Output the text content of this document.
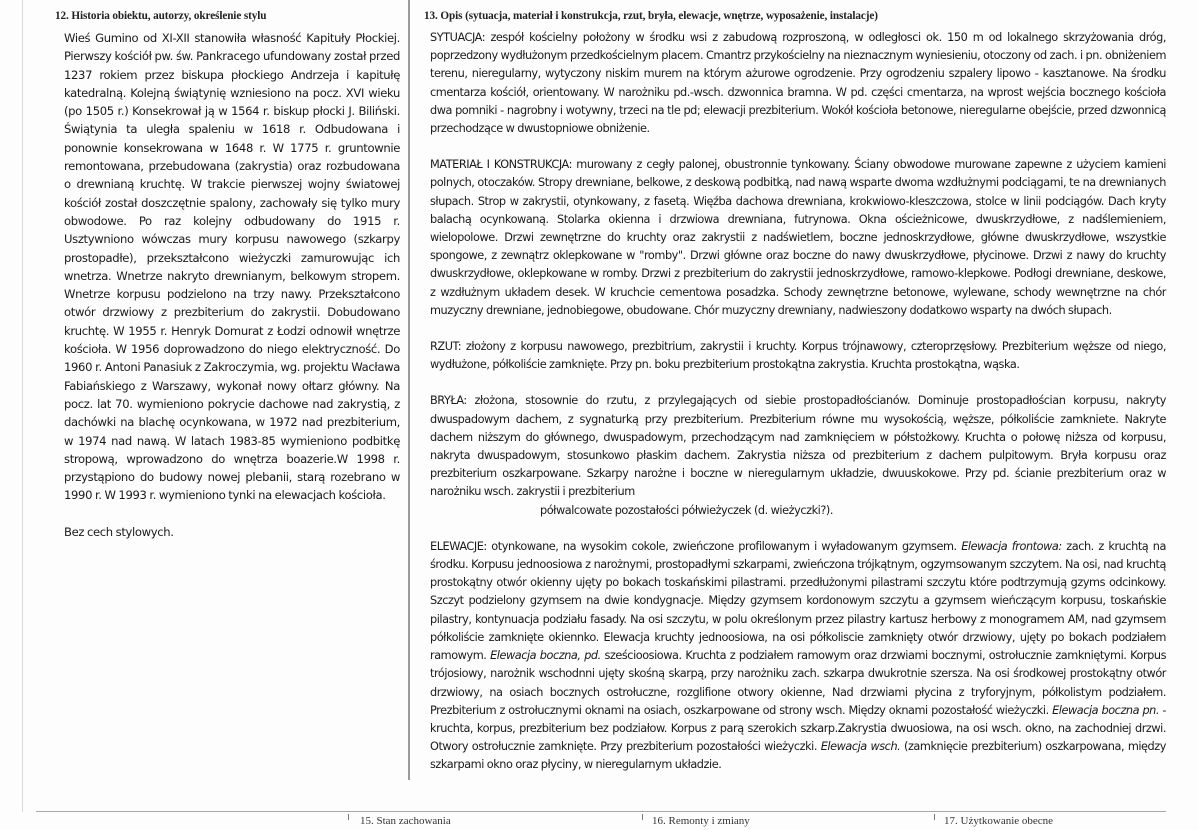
12. Historia obiektu, autorzy, określenie stylu

Wieś Gumino od XI-XII stanowiła własność Kapituły Płockiej. Pierwszy kościół pw. św. Pankracego ufundowany został przed 1237 rokiem przez biskupa płockiego Andrzeja i kapitułę katedralną. Kolejną świątynię wzniesiono na pocz. XVI wieku (po 1505 r.) Konsekrował ją w 1564 r. biskup płocki J. Biliński. Świątynia ta uległa spaleniu w 1618 r. Odbudowana i ponownie konsekrowana w 1648 r. W 1775 r. gruntownie remontowana, przebudowana (zakrystia) oraz rozbudowana o drewnianą kruchtę. W trakcie pierwszej wojny światowej kościół został doszczętnie spalony, zachowały się tylko mury obwodowe. Po raz kolejny odbudowany do 1915 r. Usztywniono wówczas mury korpusu nawowego (szkarpy prostopadłe), przekształcono wieżyczki zamurowując ich wnetrza. Wnetrze nakryto drewnianym, belkowym stropem. Wnetrze korpusu podzielono na trzy nawy. Przekształcono otwór drzwiowy z prezbiterium do zakrystii. Dobudowano kruchtę. W 1955 r. Henryk Domurat z Łodzi odnowił wnętrze kościoła. W 1956 doprowadzono do niego elektryczność. Do 1960 r. Antoni Panasiuk z Zakroczymia, wg. projektu Wacława Fabiańskiego z Warszawy, wykonał nowy ołtarz główny. Na pocz. lat 70. wymieniono pokrycie dachowe nad zakrystią, z dachówki na blachę ocynkowana, w 1972 nad prezbiterium, w 1974 nad nawą. W latach 1983-85 wymieniono podbitkę stropową, wprowadzono do wnętrza boazerie.W 1998 r. przystąpiono do budowy nowej plebanii, starą rozebrano w 1990 r. W 1993 r. wymieniono tynki na elewacjach kościoła.

Bez cech stylowych.

13. Opis (sytuacja, materiał i konstrukcja, rzut, bryła, elewacje, wnętrze, wyposażenie, instalacje)

SYTUACJA: zespół kościelny położony w środku wsi z zabudową rozproszoną, w odległosci ok. 150 m od lokalnego skrzyżowania dróg, poprzedzony wydłużonym przedkościelnym placem. Cmantrz przykościelny na nieznacznym wyniesieniu, otoczony od zach. i pn. obniżeniem terenu, nieregularny, wytyczony niskim murem na którym ażurowe ogrodzenie. Przy ogrodzeniu szpalery lipowo - kasztanowe. Na środku cmentarza kościół, orientowany. W narożniku pd.-wsch. dzwonnica bramna. W pd. części cmentarza, na wprost wejścia bocznego kościoła dwa pomniki - nagrobny i wotywny, trzeci na tle pd; elewacji prezbiterium. Wokół kościoła betonowe, nieregularne obejście, przed dzwonnicą przechodzące w dwustopniowe obniżenie.

MATERIAŁ I KONSTRUKCJA: murowany z cegły palonej, obustronnie tynkowany. Ściany obwodowe murowane zapewne z użyciem kamieni polnych, otoczaków. Stropy drewniane, belkowe, z deskową podbitką, nad nawą wsparte dwoma wzdłużnymi podciągami, te na drewnianych słupach. Strop w zakrystii, otynkowany, z fasetą. Więźba dachowa drewniana, krokwiowo-kleszczowa, stolce w linii podciągów. Dach kryty balachą ocynkowaną. Stolarka okienna i drzwiowa drewniana, futrynowa. Okna ościeżnicowe, dwuskrzydłowe, z nadślemieniem, wielopolowe. Drzwi zewnętrzne do kruchty oraz zakrystii z nadświetlem, boczne jednoskrzydłowe, główne dwuskrzydłowe, wszystkie spongowe, z zewnątrz oklepkowane w "romby". Drzwi główne oraz boczne do nawy dwuskrzydłowe, płycinowe. Drzwi z nawy do kruchty dwuskrzydłowe, oklepkowane w romby. Drzwi z prezbiterium do zakrystii jednoskrzydłowe, ramowo-klepkowe. Podłogi drewniane, deskowe, z wzdłużnym układem desek. W kruchcie cementowa posadzka. Schody zewnętrzne betonowe, wylewane, schody wewnętrzne na chór muzyczny drewniane, jednobiegowe, obudowane. Chór muzyczny drewniany, nadwieszony dodatkowo wsparty na dwóch słupach.

RZUT: złożony z korpusu nawowego, prezbitrium, zakrystii i kruchty. Korpus trójnawowy, czteroprzęsłowy. Prezbiterium węższe od niego, wydłużone, półkoliście zamknięte. Przy pn. boku prezbiterium prostokątna zakrystia. Kruchta prostokątna, wąska.

BRYŁA: złożona, stosownie do rzutu, z przylegających od siebie prostopadłościanów. Dominuje prostopadłościan korpusu, nakryty dwuspadowym dachem, z sygnaturką przy prezbiterium. Prezbiterium równe mu wysokością, węższe, półkoliście zamkniete. Nakryte dachem niższym do głównego, dwuspadowym, przechodzącym nad zamknięciem w półstożkowy. Kruchta o połowę niższa od korpusu, nakryta dwuspadowym, stosunkowo płaskim dachem. Zakrystia niższa od prezbiterium z dachem pulpitowym. Bryła korpusu oraz prezbiterium oszkarpowane. Szkarpy narożne i boczne w nieregularnym układzie, dwuuskokowe. Przy pd. ścianie prezbiterium oraz w narożniku wsch. zakrystii i prezbiterium

półwalcowate pozostałości półwieżyczek (d. wieżyczki?).

ELEWACJE: otynkowane, na wysokim cokole, zwieńczone profilowanym i wyładowanym gzymsem. Elewacja frontowa: zach. z kruchtą na środku. Korpusu jednoosiowa z narożnymi, prostopadłymi szkarpami, zwieńczona trójkątnym, ogzymsowanym szczytem. Na osi, nad kruchtą prostokątny otwór okienny ujęty po bokach toskańskimi pilastrami. przedłużonymi pilastrami szczytu które podtrzymują gzyms odcinkowy. Szczyt podzielony gzymsem na dwie kondygnacje. Między gzymsem kordonowym szczytu a gzymsem wieńczącym korpusu, toskańskie pilastry, kontynuacja podziału fasady. Na osi szczytu, w polu określonym przez pilastry kartusz herbowy z monogramem AM, nad gzymsem półkoliście zamknięte okiennko. Elewacja kruchty jednoosiowa, na osi półkoliscie zamknięty otwór drzwiowy, ujęty po bokach podziałem ramowym. Elewacja boczna, pd. sześcioosiowa. Kruchta z podziałem ramowym oraz drzwiami bocznymi, ostrołucznie zamkniętymi. Korpus trójosiowy, narożnik wschodnni ujęty skośną skarpą, przy narożniku zach. szkarpa dwukrotnie szersza. Na osi środkowej prostokątny otwór drzwiowy, na osiach bocznych ostrołuczne, rozglifione otwory okienne, Nad drzwiami płycina z tryforyjnym, półkolistym podziałem. Prezbiterium z ostrołucznymi oknami na osiach, oszkarpowane od strony wsch. Między oknami pozostałość wieżyczki. Elewacja boczna pn. - kruchta, korpus, prezbiterium bez podziałow. Korpus z parą szerokich szkarp.Zakrystia dwuosiowa, na osi wsch. okno, na zachodniej drzwi. Otwory ostrołucznie zamknięte. Przy prezbiterium pozostałości wieżyczki. Elewacja wsch. (zamknięcie prezbiterium) oszkarpowana, między szkarpami okno oraz płyciny, w nieregularnym układzie.

15. Stan zachowania	16. Remonty i zmiany	17. Użytkowanie obecne
